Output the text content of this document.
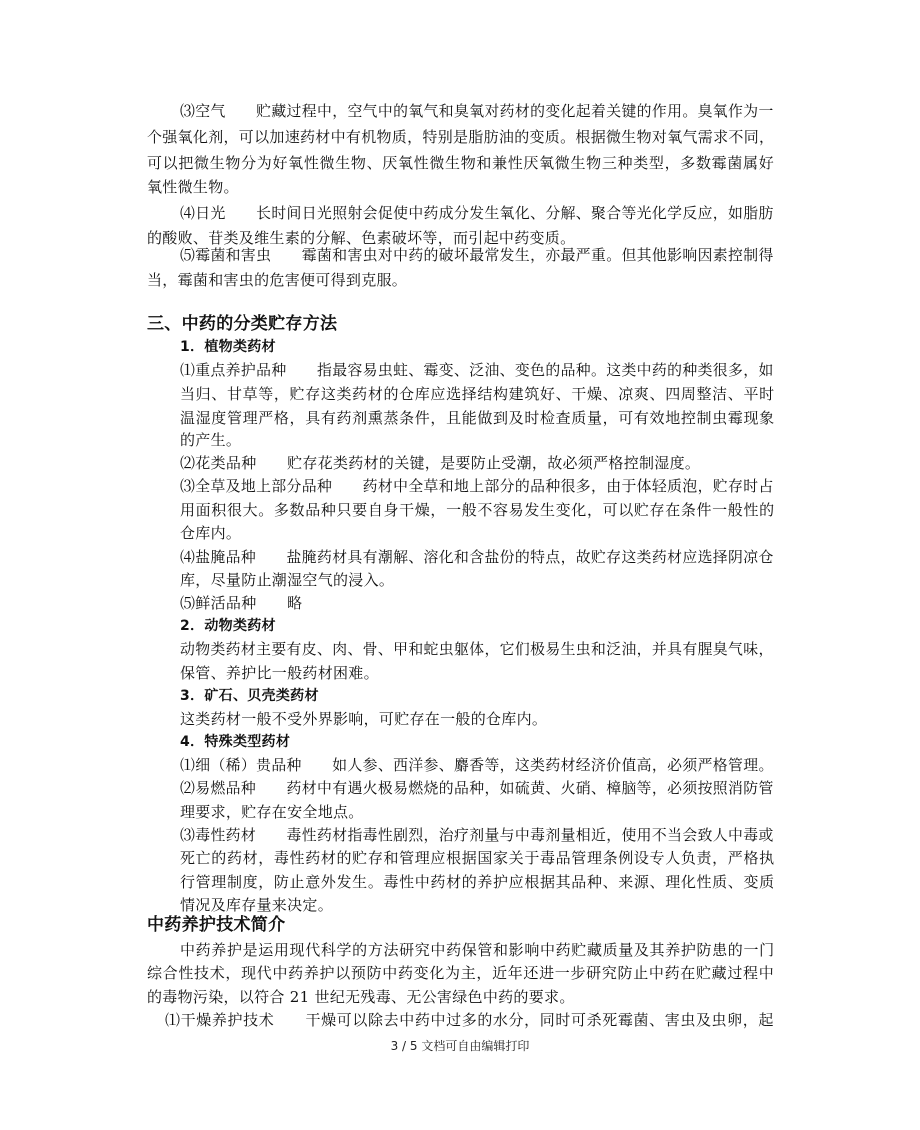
⑶空气　　贮藏过程中，空气中的氧气和臭氧对药材的变化起着关键的作用。臭氧作为一
个强氧化剂，可以加速药材中有机物质，特别是脂肪油的变质。根据微生物对氧气需求不同，
可以把微生物分为好氧性微生物、厌氧性微生物和兼性厌氧微生物三种类型，多数霉菌属好
氧性微生物。
⑷日光　　长时间日光照射会促使中药成分发生氧化、分解、聚合等光化学反应，如脂肪
的酸败、苷类及维生素的分解、色素破坏等，而引起中药变质。
⑸霉菌和害虫　　霉菌和害虫对中药的破坏最常发生，亦最严重。但其他影响因素控制得
当，霉菌和害虫的危害便可得到克服。
三、中药的分类贮存方法
1．植物类药材
⑴重点养护品种　　指最容易虫蛀、霉变、泛油、变色的品种。这类中药的种类很多，如
当归、甘草等，贮存这类药材的仓库应选择结构建筑好、干燥、凉爽、四周整洁、平时
温湿度管理严格，具有药剂熏蒸条件，且能做到及时检查质量，可有效地控制虫霉现象
的产生。
⑵花类品种　　贮存花类药材的关键，是要防止受潮，故必须严格控制湿度。
⑶全草及地上部分品种　　药材中全草和地上部分的品种很多，由于体轻质泡，贮存时占
用面积很大。多数品种只要自身干燥，一般不容易发生变化，可以贮存在条件一般性的
仓库内。
⑷盐腌品种　　盐腌药材具有潮解、溶化和含盐份的特点，故贮存这类药材应选择阴凉仓
库，尽量防止潮湿空气的浸入。
⑸鲜活品种　　略
2．动物类药材
动物类药材主要有皮、肉、骨、甲和蛇虫躯体，它们极易生虫和泛油，并具有腥臭气味，
保管、养护比一般药材困难。
3．矿石、贝壳类药材
这类药材一般不受外界影响，可贮存在一般的仓库内。
4．特殊类型药材
⑴细（稀）贵品种　　如人参、西洋参、麝香等，这类药材经济价值高，必须严格管理。
⑵易燃品种　　药材中有遇火极易燃烧的品种，如硫黄、火硝、樟脑等，必须按照消防管
理要求，贮存在安全地点。
⑶毒性药材　　毒性药材指毒性剧烈，治疗剂量与中毒剂量相近，使用不当会致人中毒或
死亡的药材，毒性药材的贮存和管理应根据国家关于毒品管理条例设专人负责，严格执
行管理制度，防止意外发生。毒性中药材的养护应根据其品种、来源、理化性质、变质
情况及库存量来决定。
中药养护技术简介
中药养护是运用现代科学的方法研究中药保管和影响中药贮藏质量及其养护防患的一门
综合性技术，现代中药养护以预防中药变化为主，近年还进一步研究防止中药在贮藏过程中
的毒物污染，以符合 21 世纪无残毒、无公害绿色中药的要求。
⑴干燥养护技术　　干燥可以除去中药中过多的水分，同时可杀死霉菌、害虫及虫卵，起
3 / 5 文档可自由编辑打印
